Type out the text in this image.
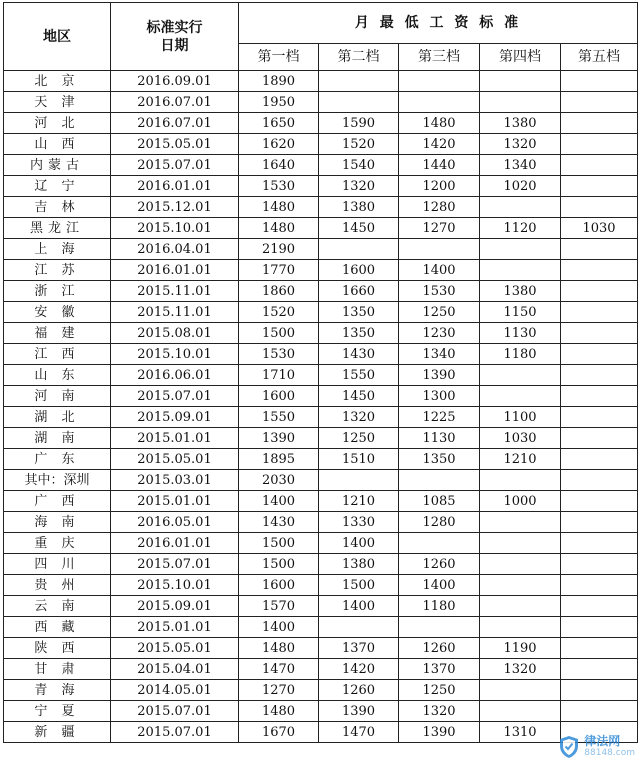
地区	标准实行
日期	月 最 低 工 资 标 准				
		第一档	第二档	第三档	第四档	第五档
北 京	2016.09.01	1890				
天 津	2016.07.01	1950				
河 北	2016.07.01	1650	1590	1480	1380	
山 西	2015.05.01	1620	1520	1420	1320	
内蒙古	2015.07.01	1640	1540	1440	1340	
辽 宁	2016.01.01	1530	1320	1200	1020	
吉 林	2015.12.01	1480	1380	1280		
黑龙江	2015.10.01	1480	1450	1270	1120	1030
上 海	2016.04.01	2190				
江 苏	2016.01.01	1770	1600	1400		
浙 江	2015.11.01	1860	1660	1530	1380	
安 徽	2015.11.01	1520	1350	1250	1150	
福 建	2015.08.01	1500	1350	1230	1130	
江 西	2015.10.01	1530	1430	1340	1180	
山 东	2016.06.01	1710	1550	1390		
河 南	2015.07.01	1600	1450	1300		
湖 北	2015.09.01	1550	1320	1225	1100	
湖 南	2015.01.01	1390	1250	1130	1030	
广 东	2015.05.01	1895	1510	1350	1210	
其中：深圳	2015.03.01	2030				
广 西	2015.01.01	1400	1210	1085	1000	
海 南	2016.05.01	1430	1330	1280		
重 庆	2016.01.01	1500	1400			
四 川	2015.07.01	1500	1380	1260		
贵 州	2015.10.01	1600	1500	1400		
云 南	2015.09.01	1570	1400	1180		
西 藏	2015.01.01	1400				
陕 西	2015.05.01	1480	1370	1260	1190	
甘 肃	2015.04.01	1470	1420	1370	1320	
青 海	2014.05.01	1270	1260	1250		
宁 夏	2015.07.01	1480	1390	1320		
新 疆	2015.07.01	1670	1470	1390	1310	
律法网
88148.com
